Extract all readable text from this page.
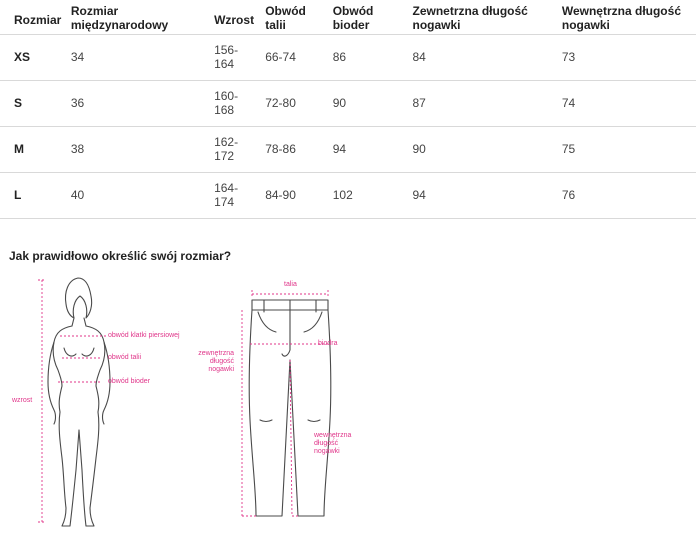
Rozmiar	Rozmiar międzynarodowy	Wzrost	Obwód talii	Obwód bioder	Zewnetrzna długość nogawki	Wewnętrzna długość nogawki

XS	34	156-164	66-74	86	84	73
S	36	160-168	72-80	90	87	74
M	38	162-172	78-86	94	90	75
L	40	164-174	84-90	102	94	76
Jak prawidłowo określić swój rozmiar?
obwód klatki piersiowej
obwód talii
obwód bioder
wzrost
talia
biodra
zewnętrzna długość nogawki
wewnętrzna długość nogawki
